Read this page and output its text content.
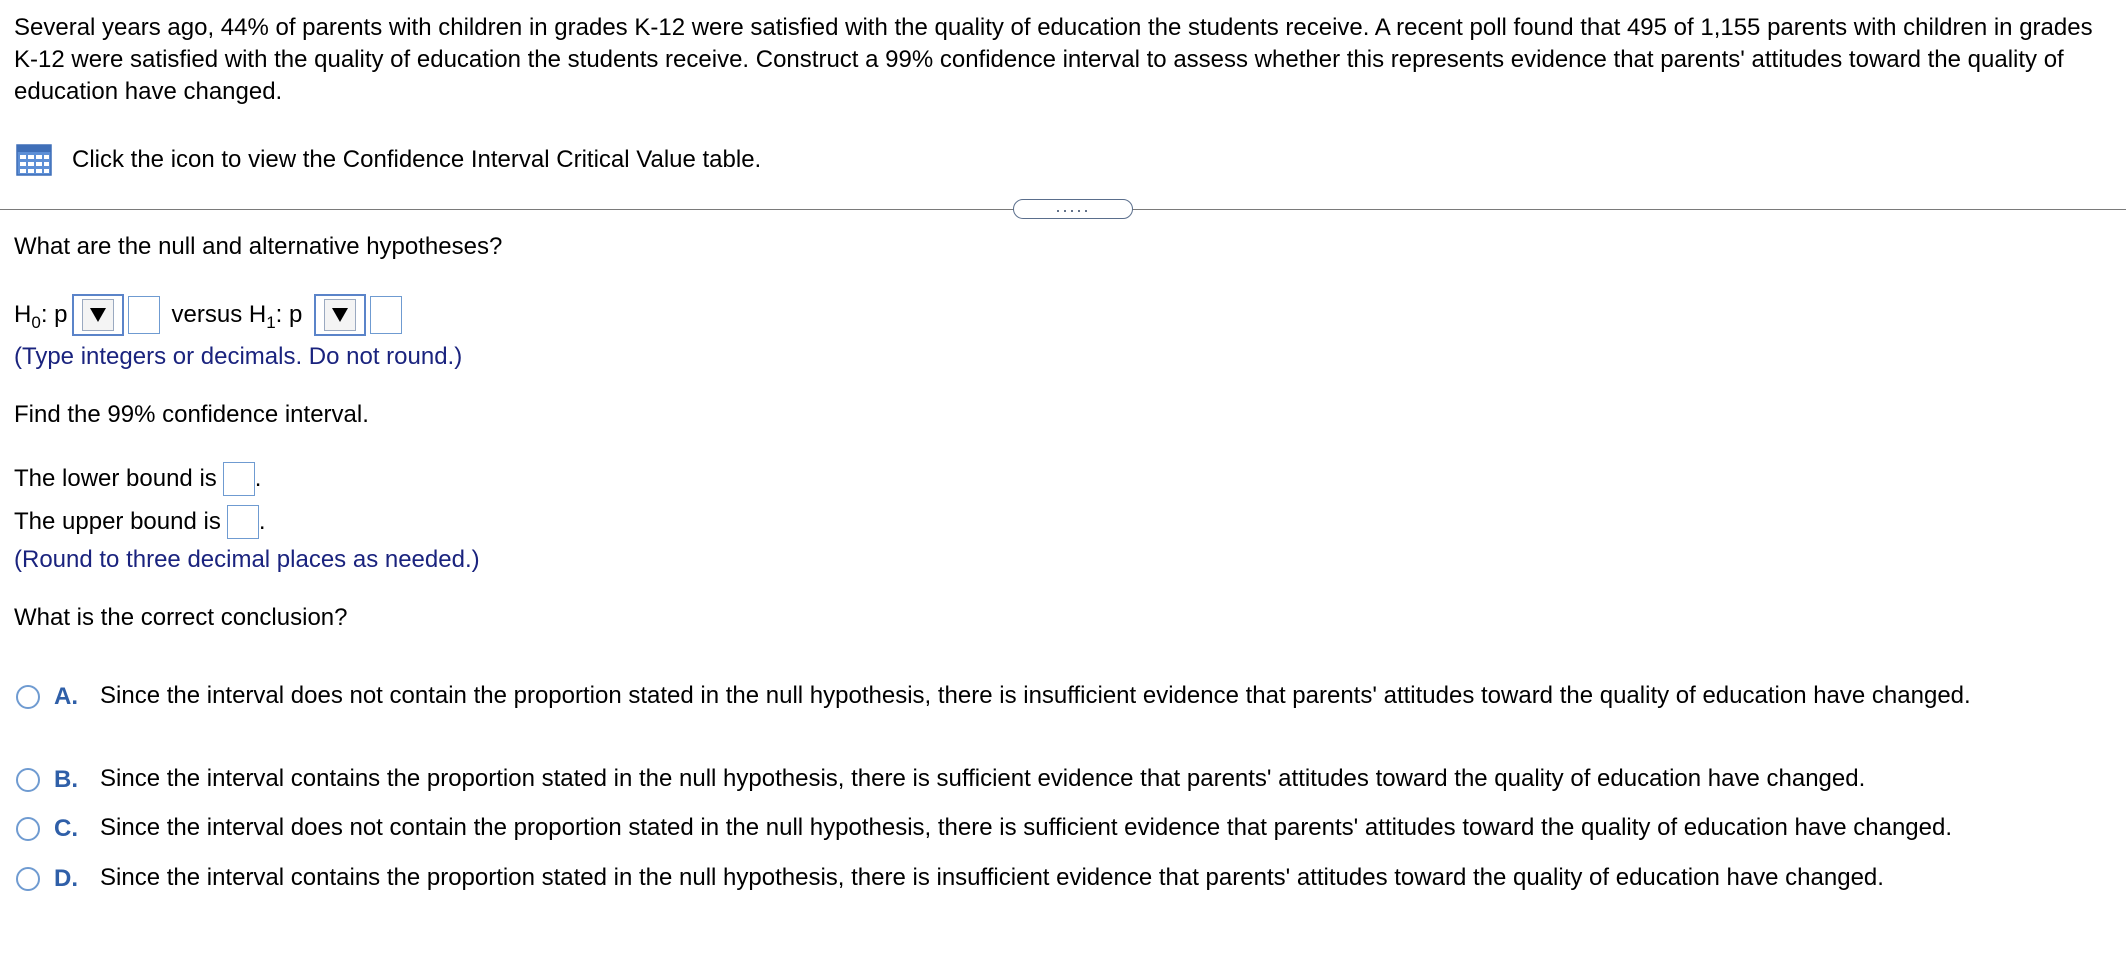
Several years ago, 44% of parents with children in grades K-12 were satisfied with the quality of education the students receive. A recent poll found that 495 of 1,155 parents with children in grades K-12 were satisfied with the quality of education the students receive. Construct a 99% confidence interval to assess whether this represents evidence that parents' attitudes toward the quality of education have changed.
Click the icon to view the Confidence Interval Critical Value table.
.....
What are the null and alternative hypotheses?
$H_0$: p	versus $H_1$: p
(Type integers or decimals. Do not round.)
Find the 99% confidence interval.
The lower bound is .
The upper bound is .
(Round to three decimal places as needed.)
What is the correct conclusion?
A. Since the interval does not contain the proportion stated in the null hypothesis, there is insufficient evidence that parents' attitudes toward the quality of education have changed.
B. Since the interval contains the proportion stated in the null hypothesis, there is sufficient evidence that parents' attitudes toward the quality of education have changed.
C. Since the interval does not contain the proportion stated in the null hypothesis, there is sufficient evidence that parents' attitudes toward the quality of education have changed.
D. Since the interval contains the proportion stated in the null hypothesis, there is insufficient evidence that parents' attitudes toward the quality of education have changed.
